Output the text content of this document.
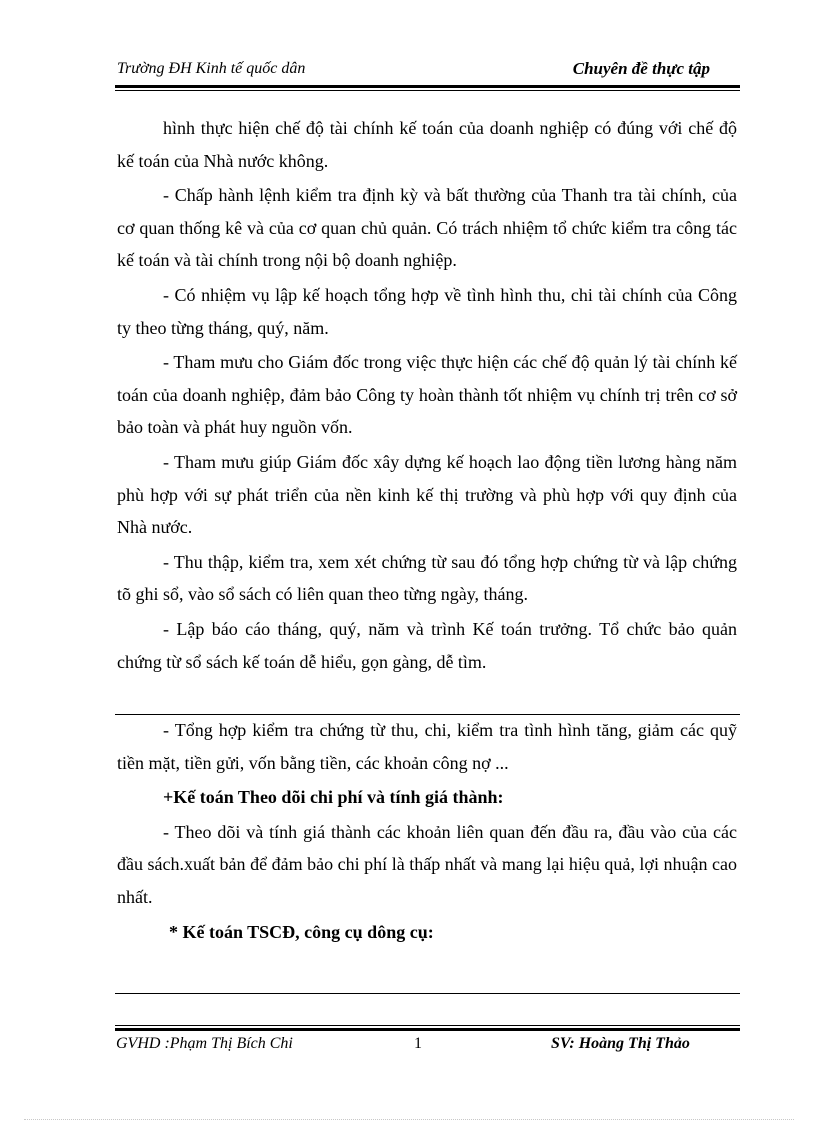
Trường ĐH Kinh tế quốc dân	Chuyên đề thực tập

hình thực hiện chế độ tài chính kế toán của doanh nghiệp có đúng với chế độ kế toán của Nhà nước không.

- Chấp hành lệnh kiểm tra định kỳ và bất thường của Thanh tra tài chính, của cơ quan thống kê và của cơ quan chủ quản. Có trách nhiệm tổ chức kiểm tra công tác kế toán và tài chính trong nội bộ doanh nghiệp.

- Có nhiệm vụ lập kế hoạch tổng hợp về tình hình thu, chi tài chính của Công ty theo từng tháng, quý, năm.

- Tham mưu cho Giám đốc trong việc thực hiện các chế độ quản lý tài chính kế toán của doanh nghiệp, đảm bảo Công ty hoàn thành tốt nhiệm vụ chính trị trên cơ sở bảo toàn và phát huy nguồn vốn.

- Tham mưu giúp Giám đốc xây dựng kế hoạch lao động tiền lương hàng năm phù hợp với sự phát triển của nền kinh kế thị trường và phù hợp với quy định của Nhà nước.

- Thu thập, kiểm tra, xem xét chứng từ sau đó tổng hợp chứng từ và lập chứng tõ ghi sổ, vào sổ sách có liên quan theo từng ngày, tháng.

- Lập báo cáo tháng, quý, năm và trình Kế toán trưởng. Tổ chức bảo quản chứng từ sổ sách kế toán dễ hiểu, gọn gàng, dễ tìm.

- Tổng hợp kiểm tra chứng từ thu, chi, kiểm tra tình hình tăng, giảm các quỹ tiền mặt, tiền gửi, vốn bằng tiền, các khoản công nợ ...

+Kế toán Theo dõi chi phí và tính giá thành:

- Theo dõi và tính giá thành các khoản liên quan đến đầu ra, đầu vào của các đầu sách.xuất bản để đảm bảo chi phí là thấp nhất và mang lại hiệu quả, lợi nhuận cao nhất.

* Kế toán TSCĐ, công cụ dông cụ:

GVHD :Phạm Thị Bích Chi	1	SV: Hoàng Thị Thảo
